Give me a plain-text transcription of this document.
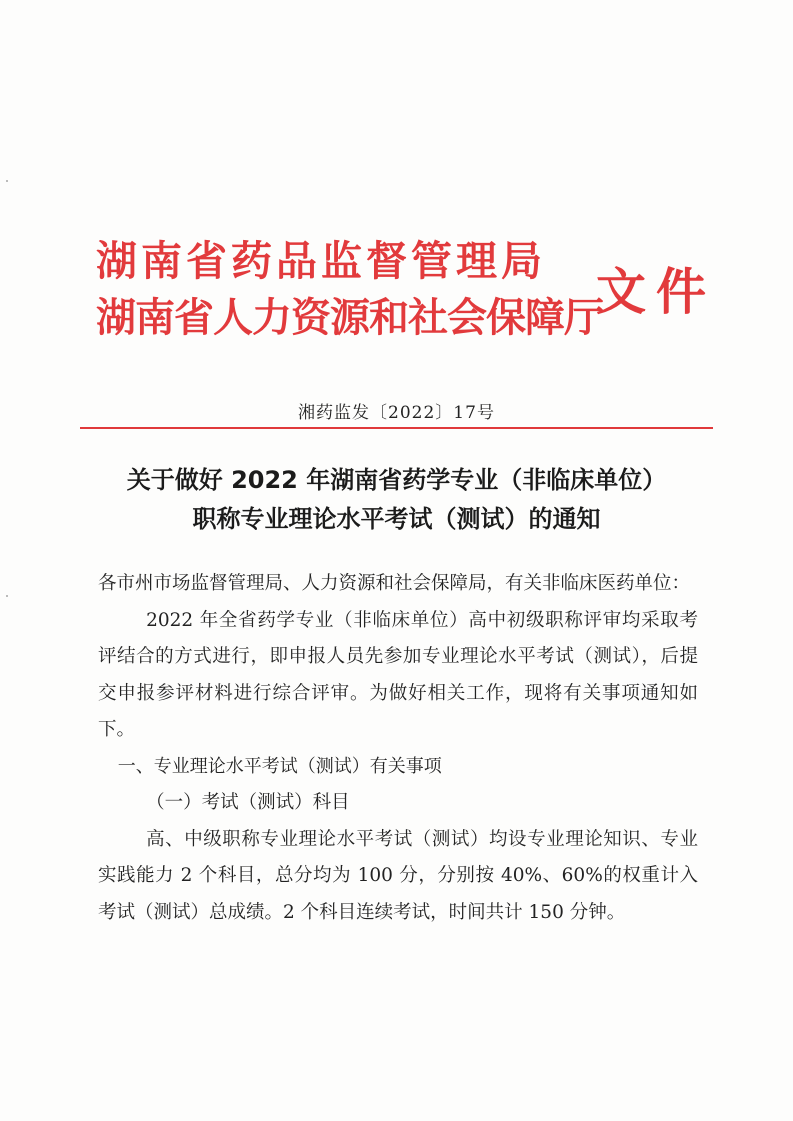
湖南省药品监督管理局
湖南省人力资源和社会保障厅
文件
湘药监发〔2022〕17号
关于做好 2022 年湖南省药学专业（非临床单位）
职称专业理论水平考试（测试）的通知

各市州市场监督管理局、人力资源和社会保障局，有关非临床医药单位：

2022 年全省药学专业（非临床单位）高中初级职称评审均采取考评结合的方式进行，即申报人员先参加专业理论水平考试（测试），后提交申报参评材料进行综合评审。为做好相关工作，现将有关事项通知如下。

一、专业理论水平考试（测试）有关事项

（一）考试（测试）科目

高、中级职称专业理论水平考试（测试）均设专业理论知识、专业实践能力 2 个科目，总分均为 100 分，分别按 40%、60%的权重计入考试（测试）总成绩。2 个科目连续考试，时间共计 150 分钟。
